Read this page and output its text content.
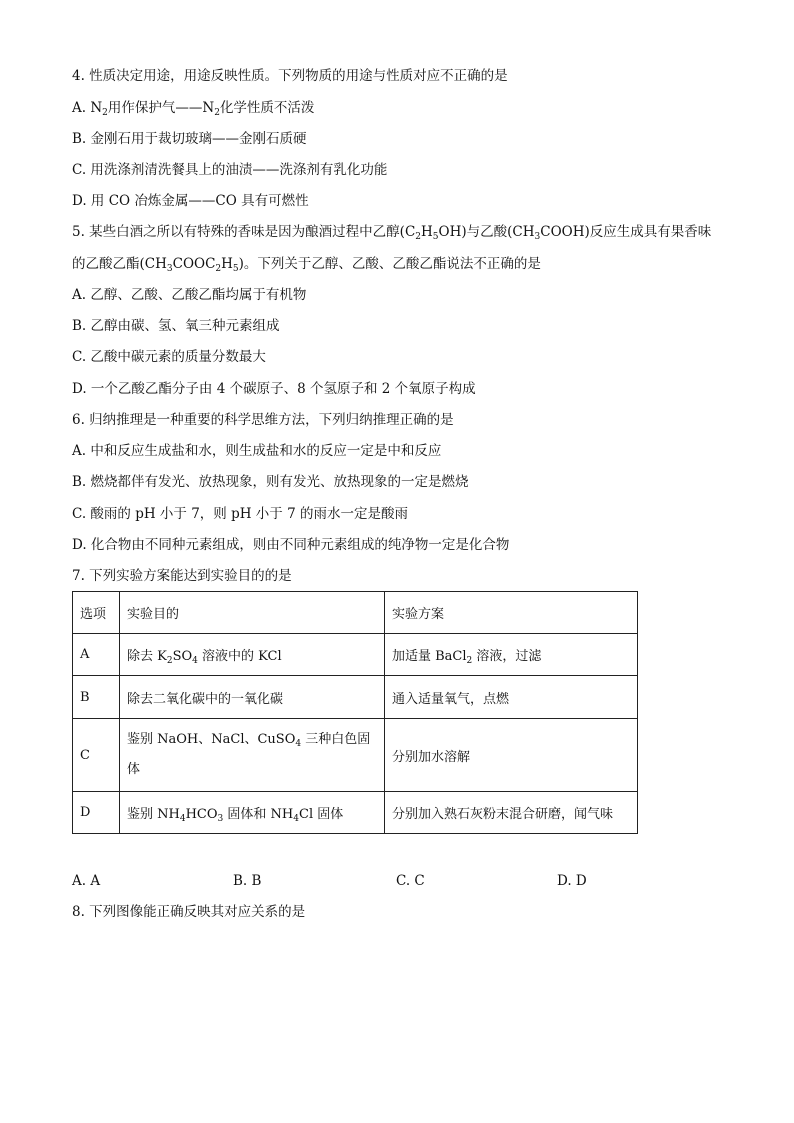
4. 性质决定用途，用途反映性质。下列物质的用途与性质对应不正确的是
A. $N_2$用作保护气$——N_2$化学性质不活泼
B. 金刚石用于裁切玻璃——金刚石质硬
C. 用洗涤剂清洗餐具上的油渍——洗涤剂有乳化功能
D. 用 CO 冶炼金属——CO 具有可燃性
5. 某些白酒之所以有特殊的香味是因为酿酒过程中乙醇$(C_2H_5OH)$与乙酸$(CH_3COOH)$反应生成具有果香味
的乙酸乙酯$(CH_3COOC_2H_5)$。下列关于乙醇、乙酸、乙酸乙酯说法不正确的是
A. 乙醇、乙酸、乙酸乙酯均属于有机物
B. 乙醇由碳、氢、氧三种元素组成
C. 乙酸中碳元素的质量分数最大
D. 一个乙酸乙酯分子由 4 个碳原子、8 个氢原子和 2 个氧原子构成
6. 归纳推理是一种重要的科学思维方法，下列归纳推理正确的是
A. 中和反应生成盐和水，则生成盐和水的反应一定是中和反应
B. 燃烧都伴有发光、放热现象，则有发光、放热现象的一定是燃烧
C. 酸雨的 pH 小于 7，则 pH 小于 7 的雨水一定是酸雨
D. 化合物由不同种元素组成，则由不同种元素组成的纯净物一定是化合物
7. 下列实验方案能达到实验目的的是
选项	实验目的	实验方案
A	除去 $K_2SO_4$ 溶液中的 KCl	加适量 BaCl$_2$ 溶液，过滤
B	除去二氧化碳中的一氧化碳	通入适量氧气，点燃
C	鉴别 NaOH、NaCl、CuSO$_4$ 三种白色固
体	分别加水溶解
D	鉴别 $NH_4HCO_3$ 固体和 $NH_4Cl$ 固体	分别加入熟石灰粉末混合研磨，闻气味
A. A	B. B	C. C	D. D
8. 下列图像能正确反映其对应关系的是
